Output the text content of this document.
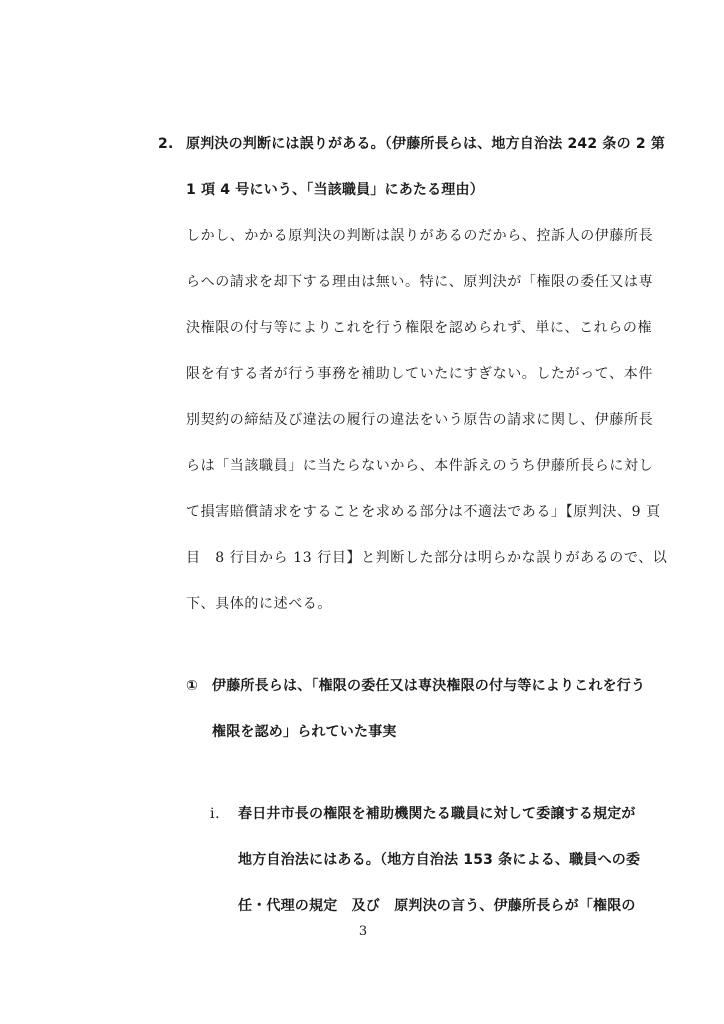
2. 原判決の判断には誤りがある。（伊藤所長らは、地方自治法 242 条の 2 第
1 項 4 号にいう、「当該職員」にあたる理由）
しかし、かかる原判決の判断は誤りがあるのだから、控訴人の伊藤所長
らへの請求を却下する理由は無い。特に、原判決が「権限の委任又は専
決権限の付与等によりこれを行う権限を認められず、単に、これらの権
限を有する者が行う事務を補助していたにすぎない。したがって、本件
別契約の締結及び違法の履行の違法をいう原告の請求に関し、伊藤所長
らは「当該職員」に当たらないから、本件訴えのうち伊藤所長らに対し
て損害賠償請求をすることを求める部分は不適法である」【原判決、9 頁
目　8 行目から 13 行目】と判断した部分は明らかな誤りがあるので、以
下、具体的に述べる。
① 伊藤所長らは、「権限の委任又は専決権限の付与等によりこれを行う
権限を認め」られていた事実
i. 春日井市長の権限を補助機関たる職員に対して委譲する規定が
地方自治法にはある。（地方自治法 153 条による、職員への委
任・代理の規定　及び　原判決の言う、伊藤所長らが「権限の
3
